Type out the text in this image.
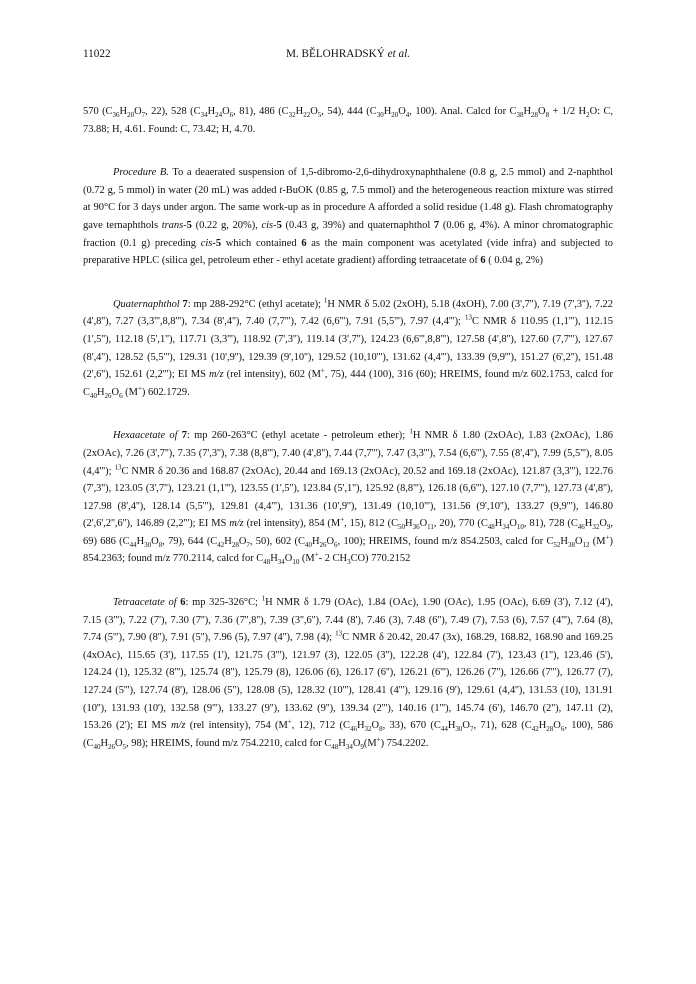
11022	M. BĚLOHRADSKÝ et al.

570 ($C_{36}H_{20}O_7$, 22), 528 ($C_{34}H_{24}O_6$, 81), 486 ($C_{32}H_{22}O_5$, 54), 444 ($C_{30}H_{20}O_4$, 100). Anal. Calcd for $C_{38}H_{28}O_8 + 1/2$ $H_2O$: C, 73.88; H, 4.61. Found: C, 73.42; H, 4.70.

Procedure B. To a deaerated suspension of 1,5-dibromo-2,6-dihydroxynaphthalene (0.8 g, 2.5 mmol) and 2-naphthol (0.72 g, 5 mmol) in water (20 mL) was added t-BuOK (0.85 g, 7.5 mmol) and the heterogeneous reaction mixture was stirred at 90°C for 3 days under argon. The same work-up as in procedure A afforded a solid residue (1.48 g). Flash chromatography gave ternaphthols trans-5 (0.22 g, 20%), cis-5 (0.43 g, 39%) and quaternaphthol 7 (0.06 g, 4%). A minor chromatographic fraction (0.1 g) preceding cis-5 which contained 6 as the main component was acetylated (vide infra) and subjected to preparative HPLC (silica gel, petroleum ether - ethyl acetate gradient) affording tetraacetate of 6 ( 0.04 g, 2%)

Quaternaphthol 7: mp 288-292°C (ethyl acetate); $^1$H NMR δ 5.02 (2xOH), 5.18 (4xOH), 7.00 (3',7''), 7.19 (7',3''), 7.22 (4',8''), 7.27 (3,3''',8,8'''), 7.34 (8',4''), 7.40 (7,7'''), 7.42 (6,6'''), 7.91 (5,5'''), 7.97 (4,4'''); $^{13}$C NMR δ 110.95 (1,1'''), 112.15 (1',5''), 112.18 (5',1''), 117.71 (3,3'''), 118.92 (7',3''), 119.14 (3',7''), 124.23 (6,6''',8,8'''), 127.58 (4',8''), 127.60 (7,7'''), 127.67 (8',4''), 128.52 (5,5'''), 129.31 (10',9''), 129.39 (9',10''), 129.52 (10,10'''), 131.62 (4,4'''), 133.39 (9,9'''), 151.27 (6',2''), 151.48 (2',6''), 152.61 (2,2'''); EI MS m/z (rel intensity), 602 (M+, 75), 444 (100), 316 (60); HREIMS, found m/z 602.1753, calcd for $C_{40}H_{26}O_6$ (M+) 602.1729.

Hexaacetate of 7: mp 260-263°C (ethyl acetate - petroleum ether); $^1$H NMR δ 1.80 (2xOAc), 1.83 (2xOAc), 1.86 (2xOAc), 7.26 (3',7''), 7.35 (7',3''), 7.38 (8,8'''), 7.40 (4',8''), 7.44 (7,7'''), 7.47 (3,3'''), 7.54 (6,6'''), 7.55 (8',4''), 7.99 (5,5'''), 8.05 (4,4'''); $^{13}$C NMR δ 20.36 and 168.87 (2xOAc), 20.44 and 169.13 (2xOAc), 20.52 and 169.18 (2xOAc), 121.87 (3,3'''), 122.76 (7',3''), 123.05 (3',7''), 123.21 (1,1'''), 123.55 (1',5''), 123.84 (5',1''), 125.92 (8,8'''), 126.18 (6,6'''), 127.10 (7,7'''), 127.73 (4',8''), 127.98 (8',4''), 128.14 (5,5'''), 129.81 (4,4'''), 131.36 (10',9''), 131.49 (10,10'''), 131.56 (9',10''), 133.27 (9,9'''), 146.80 (2',6',2'',6''), 146.89 (2,2'''); EI MS m/z (rel intensity), 854 (M+, 15), 812 ($C_{50}H_{36}O_{11}$, 20), 770 ($C_{48}H_{34}O_{10}$, 81), 728 ($C_{46}H_{32}O_9$, 69) 686 ($C_{44}H_{30}O_8$, 79), 644 ($C_{42}H_{28}O_7$, 50), 602 ($C_{40}H_{26}O_6$, 100); HREIMS, found m/z 854.2503, calcd for $C_{52}H_{38}O_{12}$ (M+) 854.2363; found m/z 770.2114, calcd for $C_{48}H_{34}O_{10}$ (M+- 2 $CH_3CO$) 770.2152

Tetraacetate of 6: mp 325-326°C; $^1$H NMR δ 1.79 (OAc), 1.84 (OAc), 1.90 (OAc), 1.95 (OAc), 6.69 (3'), 7.12 (4'), 7.15 (3'''), 7.22 (7'), 7.30 (7''), 7.36 (7'',8''), 7.39 (3'',6''), 7.44 (8'), 7.46 (3), 7.48 (6''), 7.49 (7), 7.53 (6), 7.57 (4'''), 7.64 (8), 7.74 (5'''), 7.90 (8''), 7.91 (5''), 7.96 (5), 7.97 (4''), 7.98 (4); $^{13}$C NMR δ 20.42, 20.47 (3x), 168.29, 168.82, 168.90 and 169.25 (4xOAc), 115.65 (3'), 117.55 (1'), 121.75 (3'''), 121.97 (3), 122.05 (3''), 122.28 (4'), 122.84 (7'), 123.43 (1''), 123.46 (5'), 124.24 (1), 125.32 (8'''), 125.74 (8''), 125.79 (8), 126.06 (6), 126.17 (6''), 126.21 (6'''), 126.26 (7''), 126.66 (7'''), 126.77 (7), 127.24 (5'''), 127.74 (8'), 128.06 (5''), 128.08 (5), 128.32 (10'''), 128.41 (4'''), 129.16 (9'), 129.61 (4,4''), 131.53 (10), 131.91 (10''), 131.93 (10'), 132.58 (9'''), 133.27 (9''), 133.62 (9''), 139.34 (2'''), 140.16 (1'''), 145.74 (6'), 146.70 (2''), 147.11 (2), 153.26 (2'); EI MS m/z (rel intensity), 754 (M+, 12), 712 ($C_{46}H_{32}O_8$, 33), 670 ($C_{44}H_{30}O_7$, 71), 628 ($C_{42}H_{28}O_6$, 100), 586 ($C_{40}H_{26}O_5$, 98); HREIMS, found m/z 754.2210, calcd for $C_{48}H_{34}O_9(M^+)$ 754.2202.
